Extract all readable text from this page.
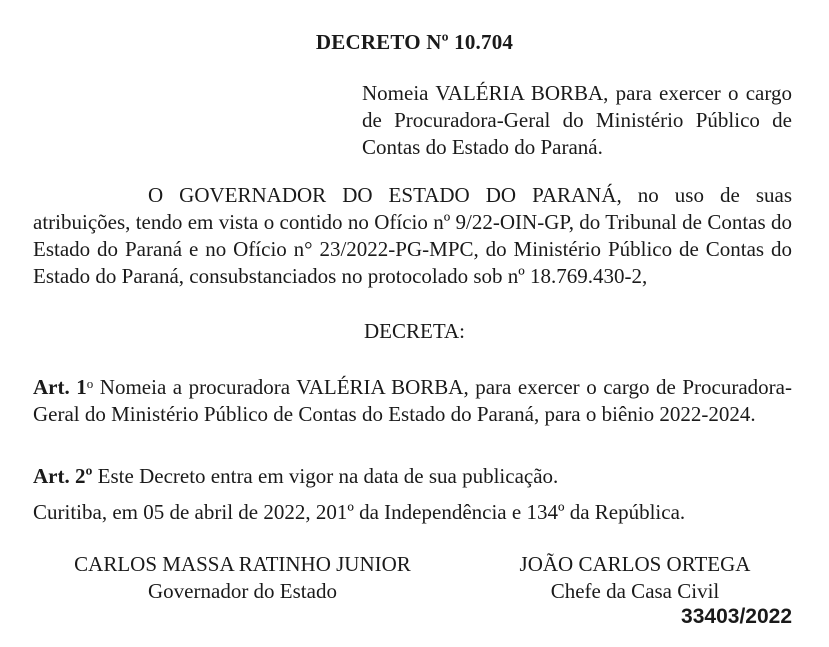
DECRETO Nº 10.704
Nomeia VALÉRIA BORBA, para exercer o cargo de Procuradora-Geral do Ministério Público de Contas do Estado do Paraná.
O GOVERNADOR DO ESTADO DO PARANÁ, no uso de suas atribuições, tendo em vista o contido no Ofício nº 9/22-OIN-GP, do Tribunal de Contas do Estado do Paraná e no Ofício n° 23/2022-PG-MPC, do Ministério Público de Contas do Estado do Paraná, consubstanciados no protocolado sob nº 18.769.430-2,
DECRETA:
Art. 1$^o$ Nomeia a procuradora VALÉRIA BORBA, para exercer o cargo de Procuradora-Geral do Ministério Público de Contas do Estado do Paraná, para o biênio 2022-2024.
Art. 2º Este Decreto entra em vigor na data de sua publicação.
Curitiba, em 05 de abril de 2022, 201º da Independência e 134º da República.
CARLOS MASSA RATINHO JUNIOR
Governador do Estado
JOÃO CARLOS ORTEGA
Chefe da Casa Civil
33403/2022
